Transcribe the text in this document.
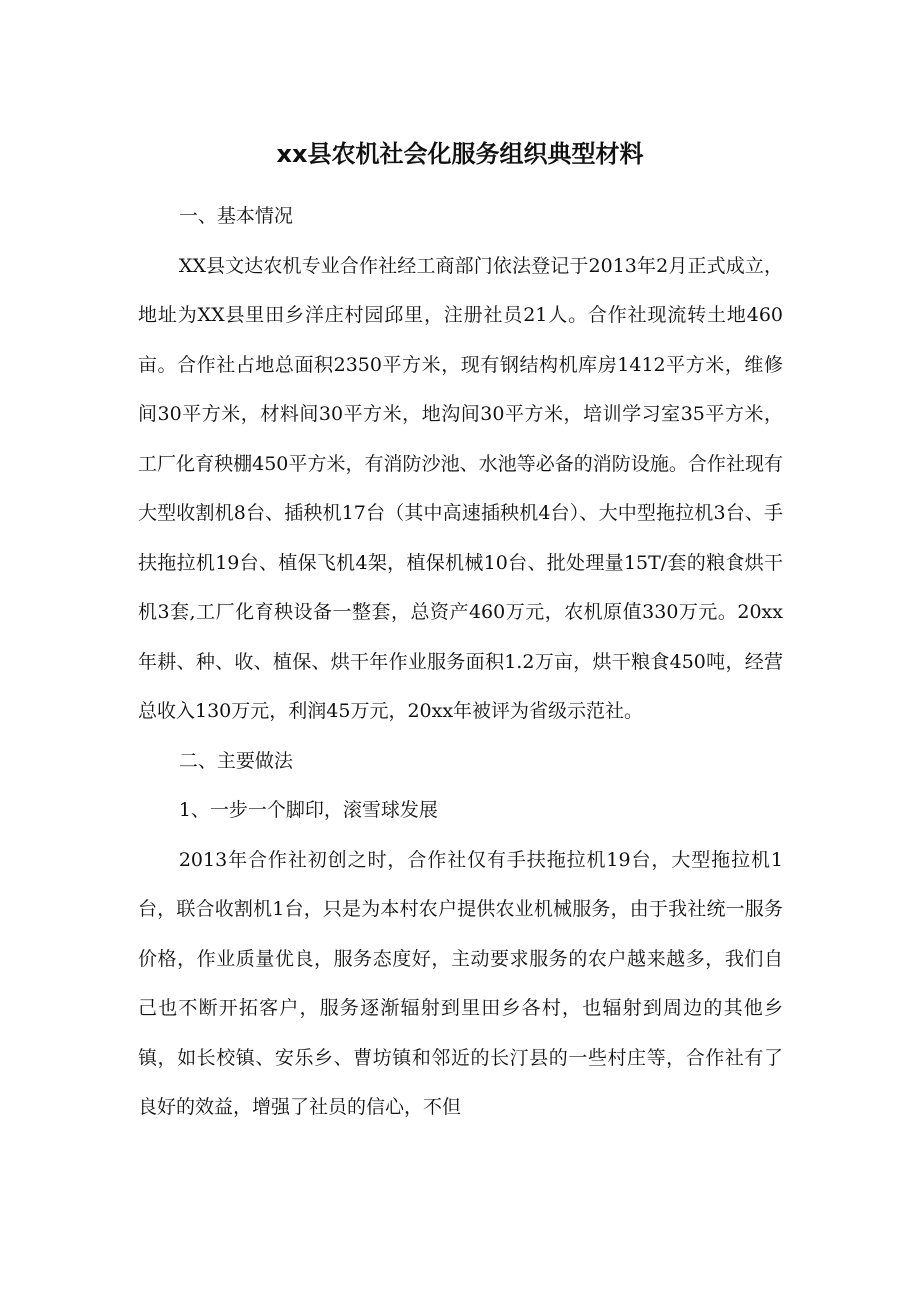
xx县农机社会化服务组织典型材料

一、基本情况

XX县文达农机专业合作社经工商部门依法登记于2013年2月正式成立，地址为XX县里田乡洋庄村园邱里，注册社员21人。合作社现流转土地460亩。合作社占地总面积2350平方米，现有钢结构机库房1412平方米，维修间30平方米，材料间30平方米，地沟间30平方米，培训学习室35平方米，工厂化育秧棚450平方米，有消防沙池、水池等必备的消防设施。合作社现有大型收割机8台、插秧机17台（其中高速插秧机4台）、大中型拖拉机3台、手扶拖拉机19台、植保飞机4架，植保机械10台、批处理量15T/套的粮食烘干机3套,工厂化育秧设备一整套，总资产460万元，农机原值330万元。20xx年耕、种、收、植保、烘干年作业服务面积1.2万亩，烘干粮食450吨，经营总收入130万元，利润45万元，20xx年被评为省级示范社。

二、主要做法

1、一步一个脚印，滚雪球发展

2013年合作社初创之时，合作社仅有手扶拖拉机19台，大型拖拉机1台，联合收割机1台，只是为本村农户提供农业机械服务，由于我社统一服务价格，作业质量优良，服务态度好，主动要求服务的农户越来越多，我们自己也不断开拓客户，服务逐渐辐射到里田乡各村，也辐射到周边的其他乡镇，如长校镇、安乐乡、曹坊镇和邻近的长汀县的一些村庄等，合作社有了良好的效益，增强了社员的信心，不但
